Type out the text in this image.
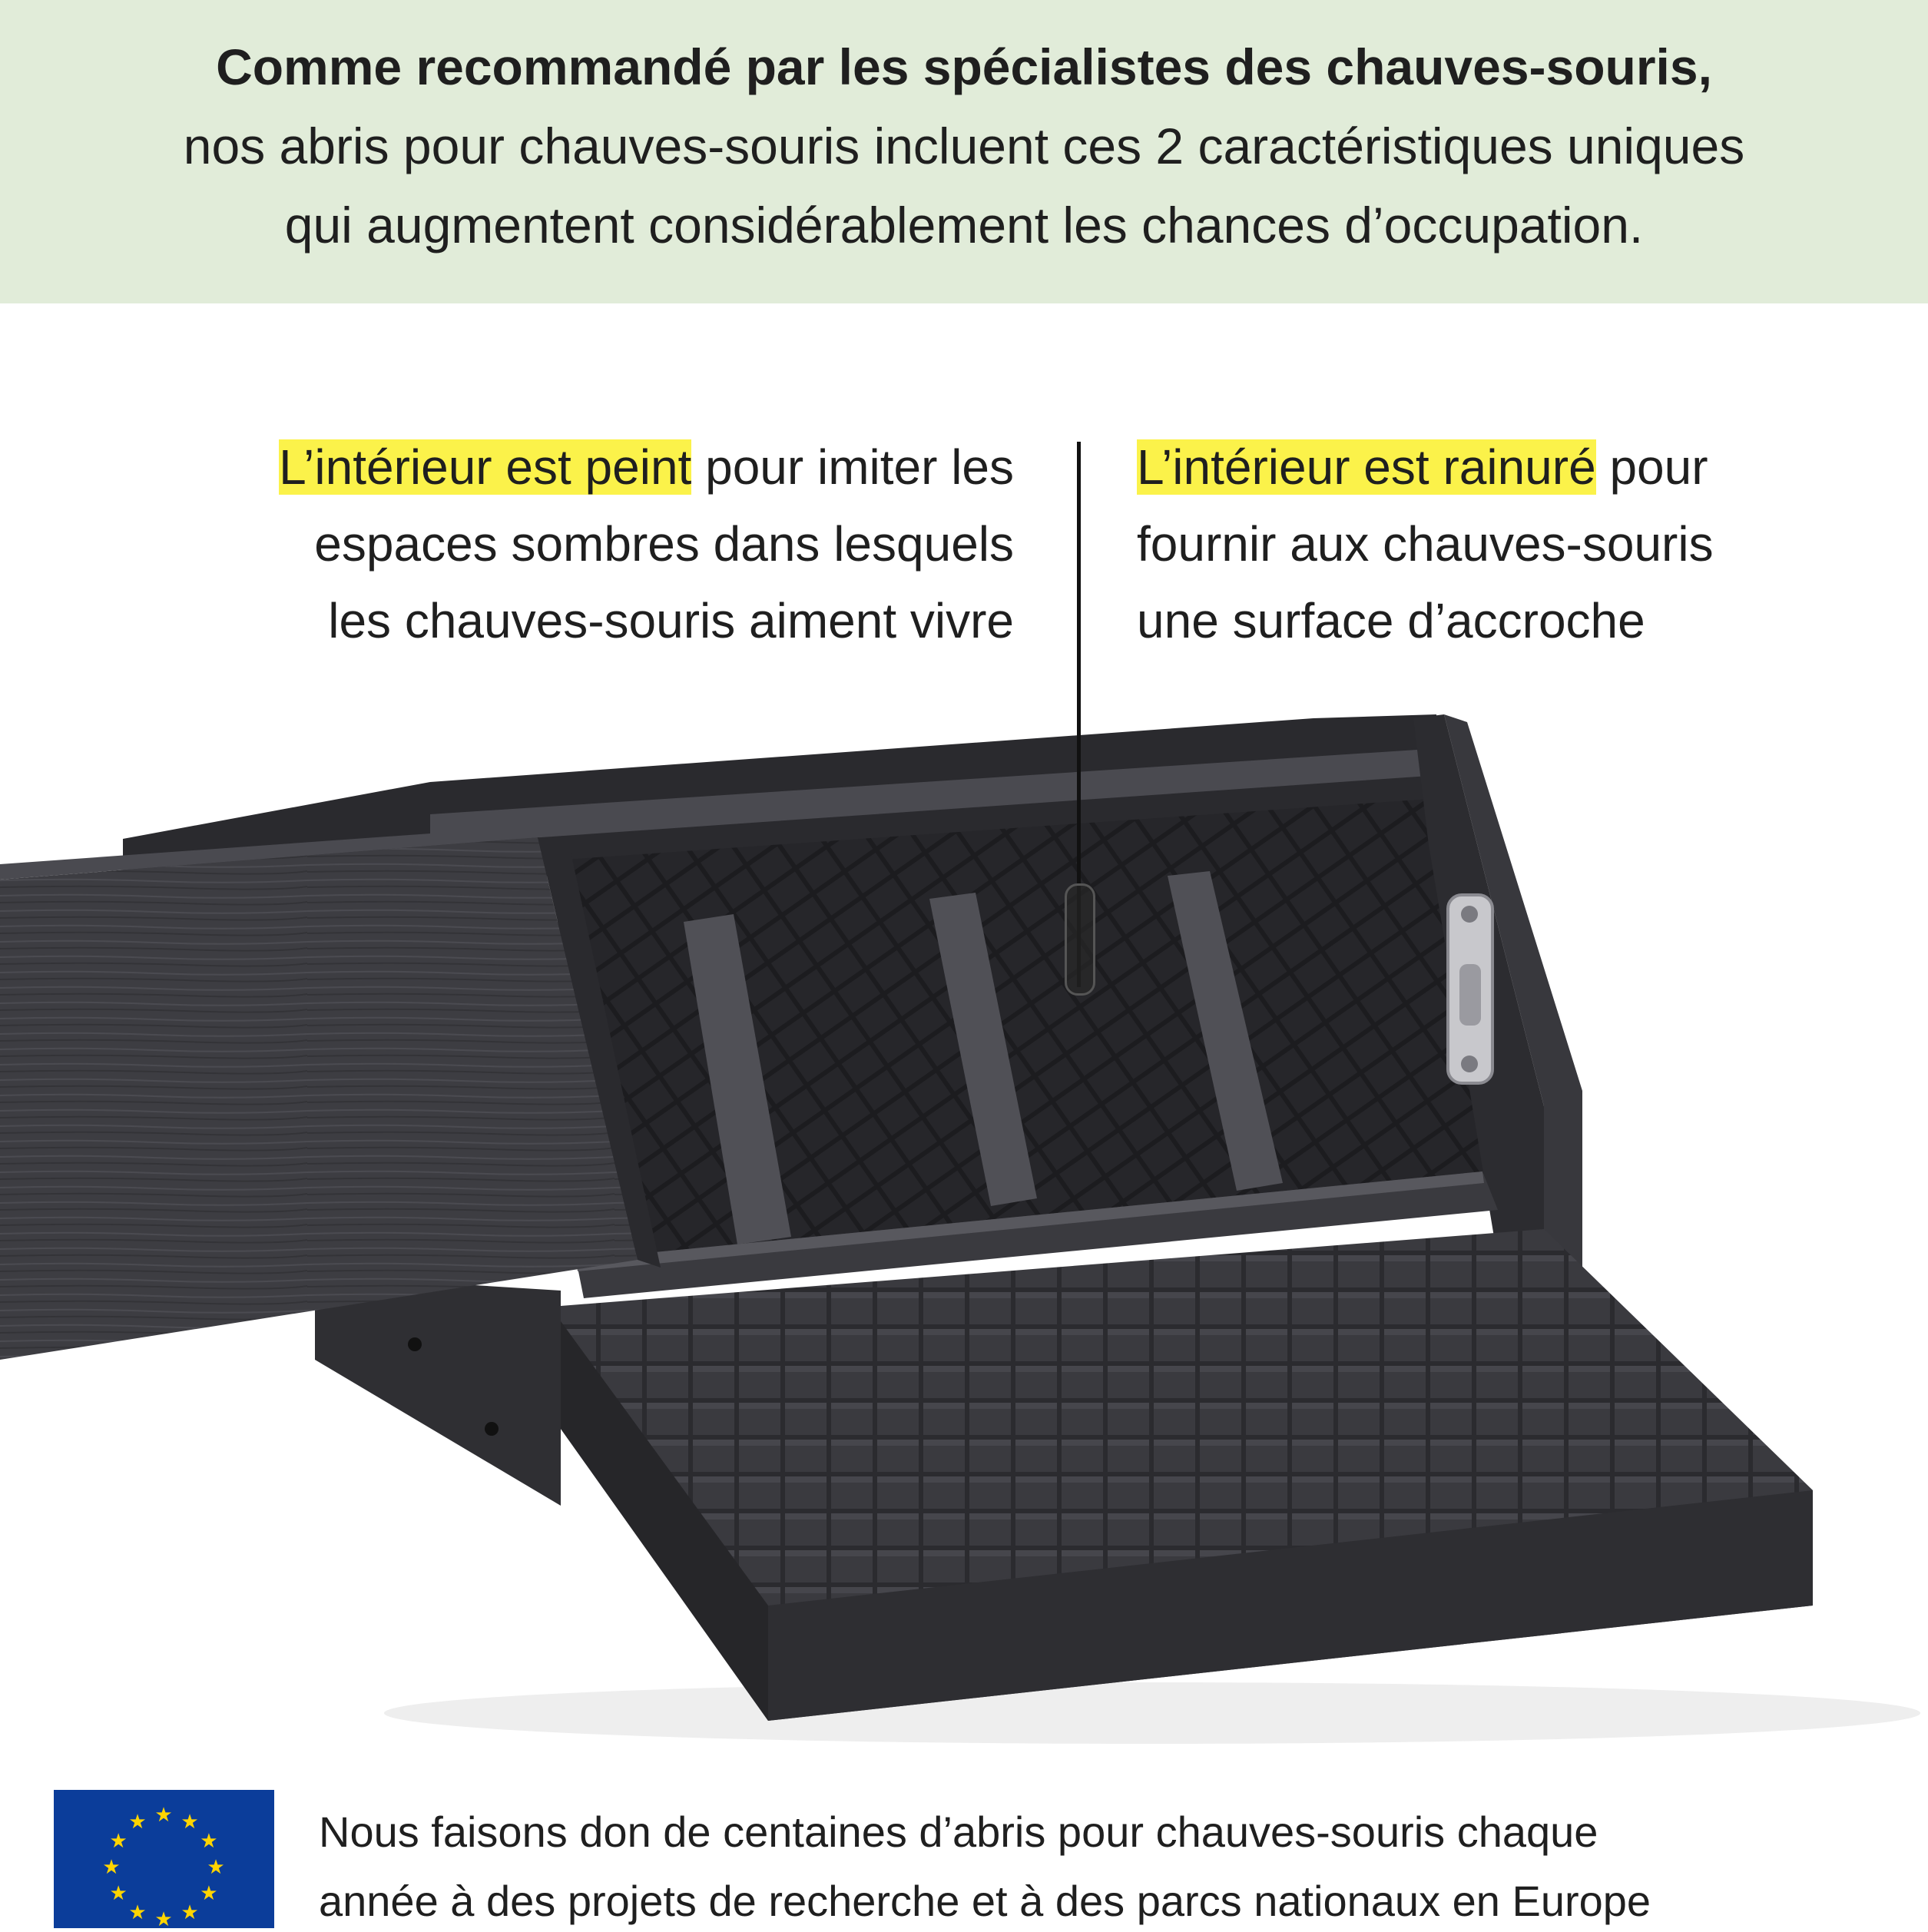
Comme recommandé par les spécialistes des chauves-souris,
nos abris pour chauves-souris incluent ces 2 caractéristiques uniques
qui augmentent considérablement les chances d’occupation.
L’intérieur est peint pour imiter les
espaces sombres dans lesquels
les chauves-souris aiment vivre
L’intérieur est rainuré pour
fournir aux chauves-souris
une surface d’accroche
★ ★
★
★
★
★
★
★
★
★
★
★	Nous faisons don de centaines d’abris pour chauves-souris chaque
année à des projets de recherche et à des parcs nationaux en Europe
